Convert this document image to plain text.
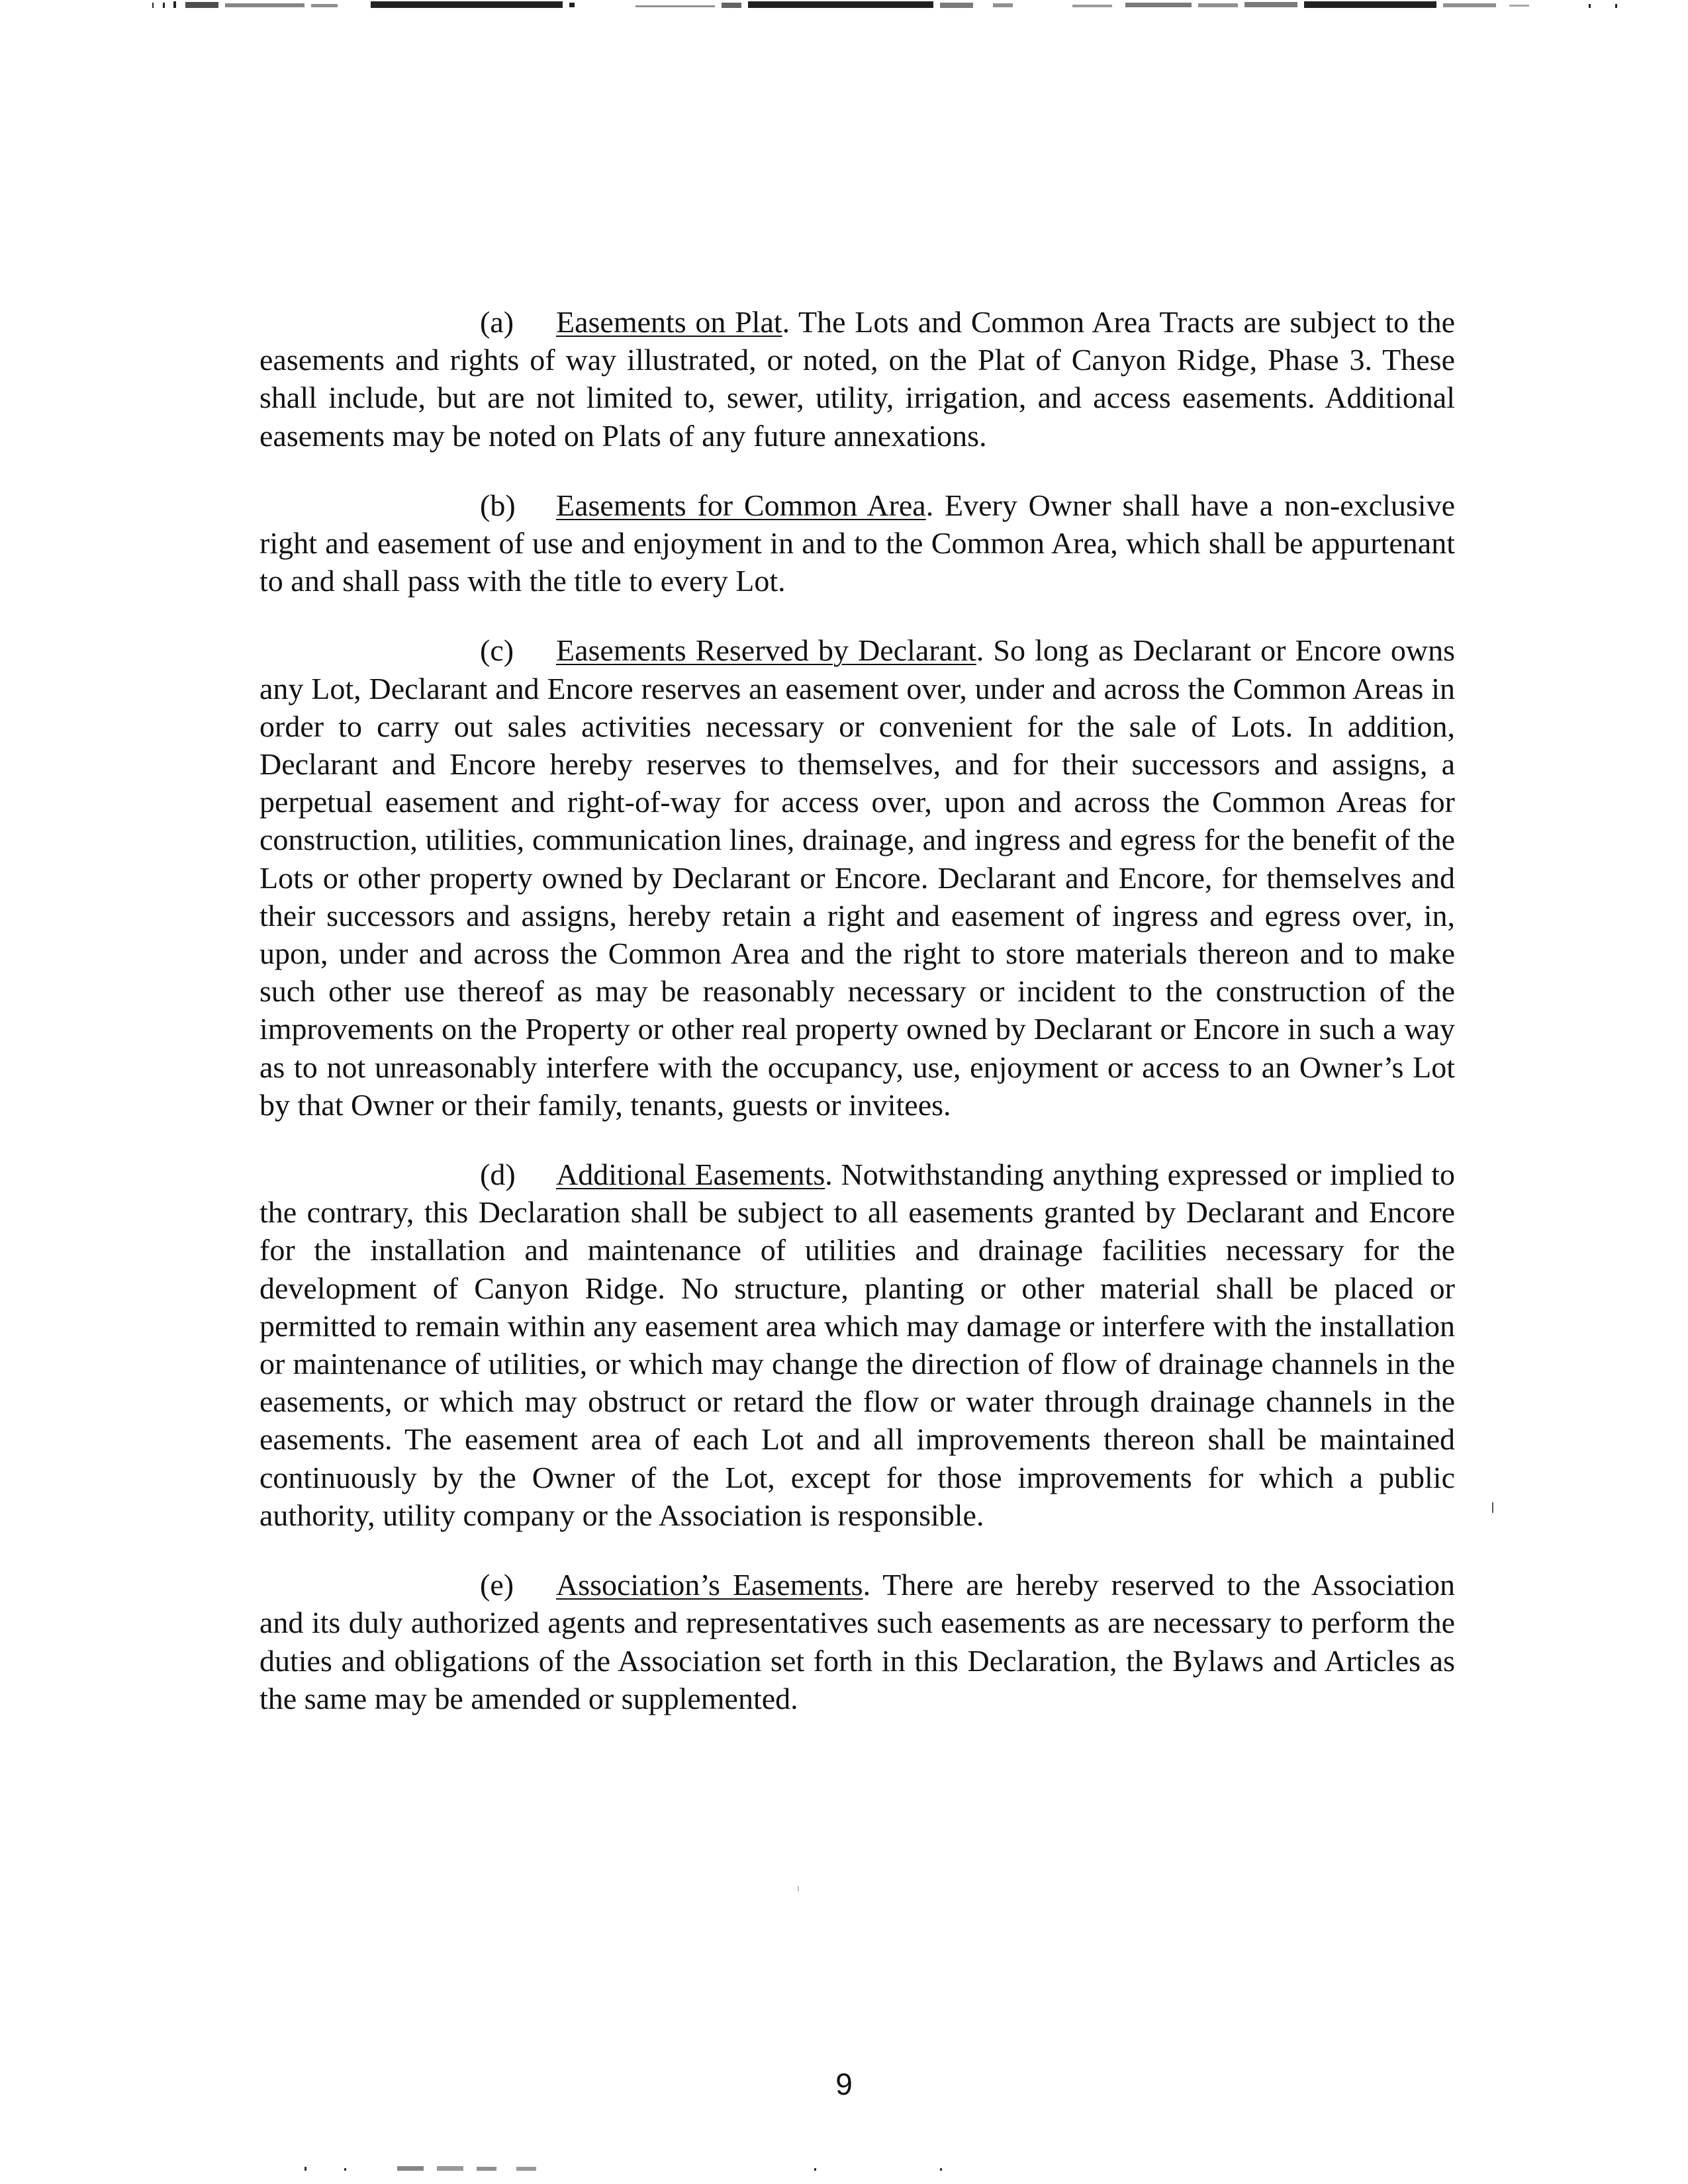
(a) Easements on Plat. The Lots and Common Area Tracts are subject to the easements and rights of way illustrated, or noted, on the Plat of Canyon Ridge, Phase 3. These shall include, but are not limited to, sewer, utility, irrigation, and access easements. Additional easements may be noted on Plats of any future annexations.

(b) Easements for Common Area. Every Owner shall have a non-exclusive right and easement of use and enjoyment in and to the Common Area, which shall be appurtenant to and shall pass with the title to every Lot.

(c) Easements Reserved by Declarant. So long as Declarant or Encore owns any Lot, Declarant and Encore reserves an easement over, under and across the Common Areas in order to carry out sales activities necessary or convenient for the sale of Lots. In addition, Declarant and Encore hereby reserves to themselves, and for their successors and assigns, a perpetual easement and right-of-way for access over, upon and across the Common Areas for construction, utilities, communication lines, drainage, and ingress and egress for the benefit of the Lots or other property owned by Declarant or Encore. Declarant and Encore, for themselves and their successors and assigns, hereby retain a right and easement of ingress and egress over, in, upon, under and across the Common Area and the right to store materials thereon and to make such other use thereof as may be reasonably necessary or incident to the construction of the improvements on the Property or other real property owned by Declarant or Encore in such a way as to not unreasonably interfere with the occupancy, use, enjoyment or access to an Owner’s Lot by that Owner or their family, tenants, guests or invitees.

(d) Additional Easements. Notwithstanding anything expressed or implied to the contrary, this Declaration shall be subject to all easements granted by Declarant and Encore for the installation and maintenance of utilities and drainage facilities necessary for the development of Canyon Ridge. No structure, planting or other material shall be placed or permitted to remain within any easement area which may damage or interfere with the installation or maintenance of utilities, or which may change the direction of flow of drainage channels in the easements, or which may obstruct or retard the flow or water through drainage channels in the easements. The easement area of each Lot and all improvements thereon shall be maintained continuously by the Owner of the Lot, except for those improvements for which a public authority, utility company or the Association is responsible.

(e) Association’s Easements. There are hereby reserved to the Association and its duly authorized agents and representatives such easements as are necessary to perform the duties and obligations of the Association set forth in this Declaration, the Bylaws and Articles as the same may be amended or supplemented.

9
